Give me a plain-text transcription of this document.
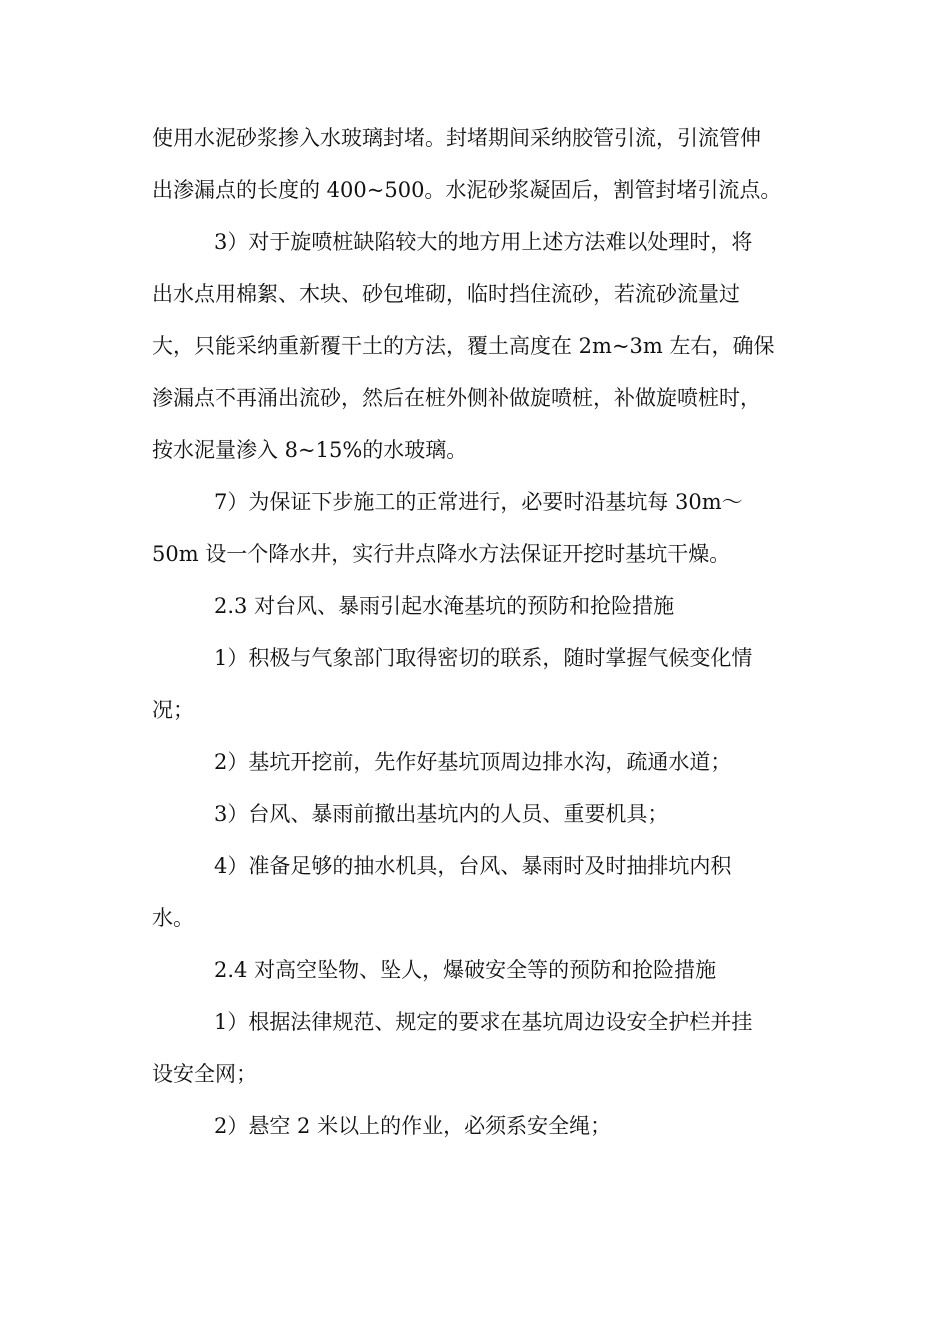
使用水泥砂浆掺入水玻璃封堵。封堵期间采纳胶管引流，引流管伸
出渗漏点的长度的 400~500。水泥砂浆凝固后，割管封堵引流点。
3）对于旋喷桩缺陷较大的地方用上述方法难以处理时，将
出水点用棉絮、木块、砂包堆砌，临时挡住流砂，若流砂流量过
大，只能采纳重新覆干土的方法，覆土高度在 2m~3m 左右，确保
渗漏点不再涌出流砂，然后在桩外侧补做旋喷桩，补做旋喷桩时，
按水泥量渗入 8~15%的水玻璃。
7）为保证下步施工的正常进行，必要时沿基坑每 30m～
50m 设一个降水井，实行井点降水方法保证开挖时基坑干燥。
2.3 对台风、暴雨引起水淹基坑的预防和抢险措施
1）积极与气象部门取得密切的联系，随时掌握气候变化情
况；
2）基坑开挖前，先作好基坑顶周边排水沟，疏通水道；
3）台风、暴雨前撤出基坑内的人员、重要机具；
4）准备足够的抽水机具，台风、暴雨时及时抽排坑内积
水。
2.4 对高空坠物、坠人，爆破安全等的预防和抢险措施
1）根据法律规范、规定的要求在基坑周边设安全护栏并挂
设安全网；
2）悬空 2 米以上的作业，必须系安全绳；
